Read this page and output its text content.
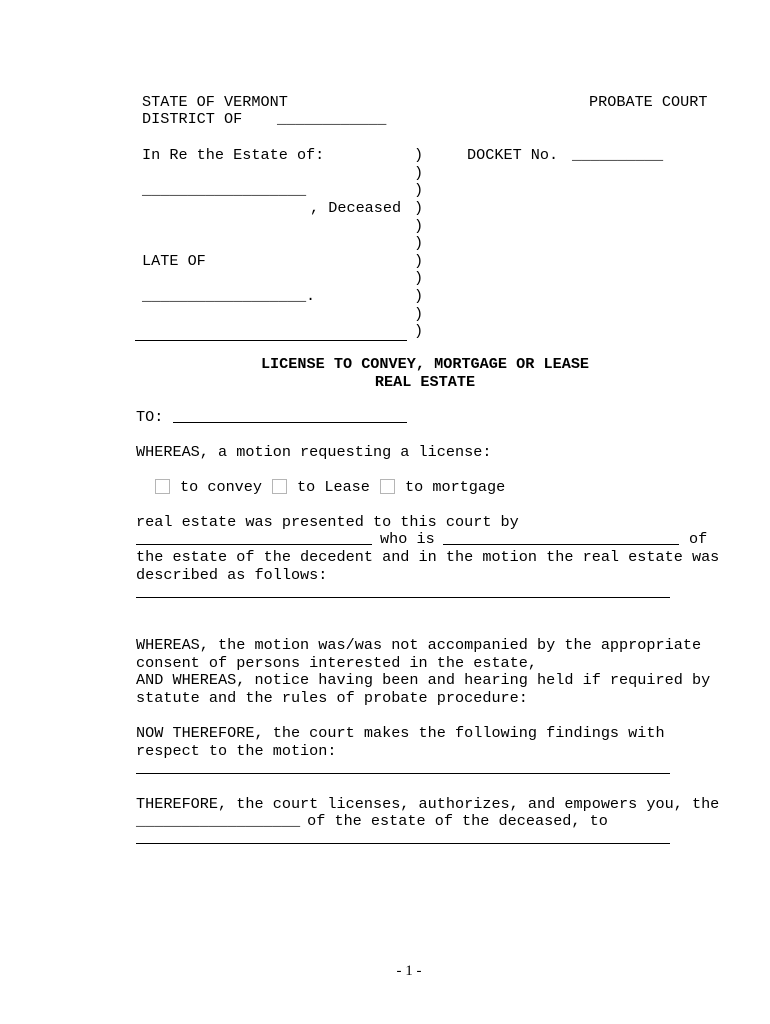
STATE OF VERMONT	PROBATE COURT
DISTRICT OF ____________
In Re the Estate of:	DOCKET No. __________
__________________
, Deceased
LATE OF
__________________.
)
)
)
)
)
)
)
)
)
)
)
LICENSE TO CONVEY, MORTGAGE OR LEASE
REAL ESTATE
TO:
WHEREAS, a motion requesting a license:
to convey to Lease to mortgage
real estate was presented to this court by
who is	of
the estate of the decedent and in the motion the real estate was
described as follows:
WHEREAS, the motion was/was not accompanied by the appropriate
consent of persons interested in the estate,
AND WHEREAS, notice having been and hearing held if required by
statute and the rules of probate procedure:
NOW THEREFORE, the court makes the following findings with
respect to the motion:
THEREFORE, the court licenses, authorizes, and empowers you, the
__________________
of the estate of the deceased, to
- 1 -
